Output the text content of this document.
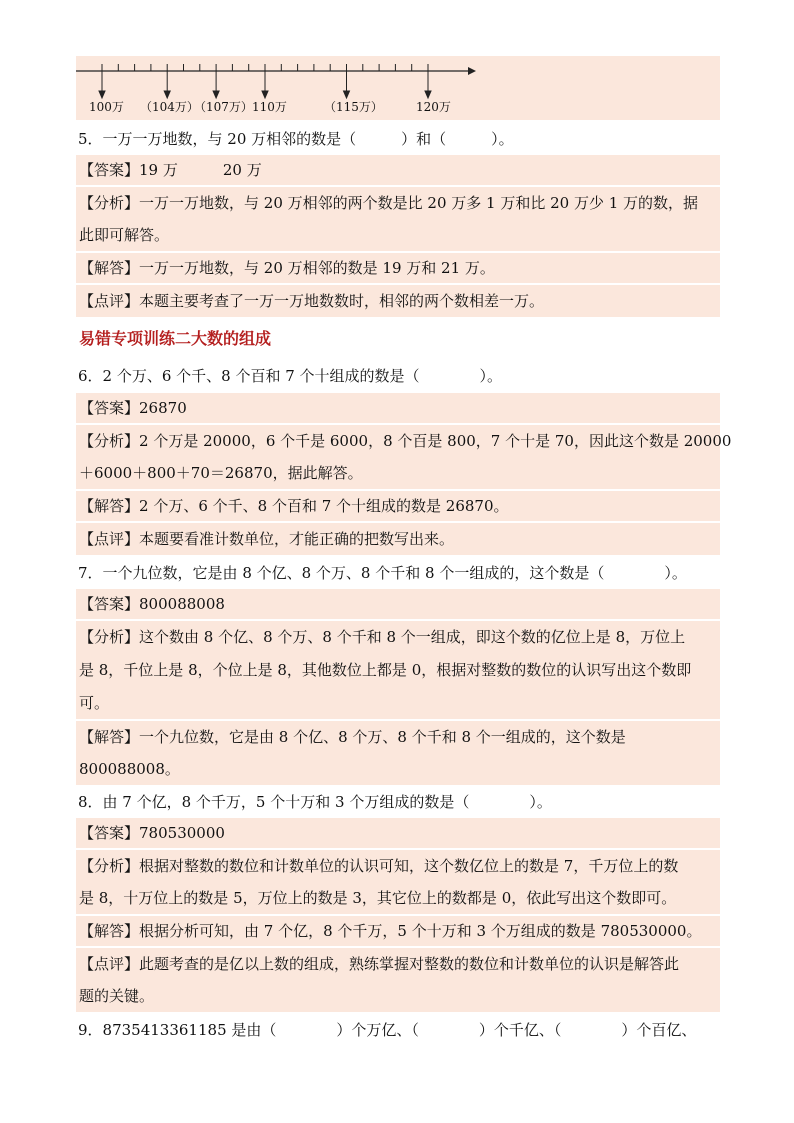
100万 （104万）
（107万） 110万	（115万）	120万
5．一万一万地数，与 20 万相邻的数是（　　　）和（　　　）。
【答案】19 万　　　20 万
【分析】一万一万地数，与 20 万相邻的两个数是比 20 万多 1 万和比 20 万少 1 万的数，据
此即可解答。
【解答】一万一万地数，与 20 万相邻的数是 19 万和 21 万。
【点评】本题主要考查了一万一万地数数时，相邻的两个数相差一万。
易错专项训练二大数的组成
6．2 个万、6 个千、8 个百和 7 个十组成的数是（　　　　）。
【答案】26870
【分析】2 个万是 20000，6 个千是 6000，8 个百是 800，7 个十是 70，因此这个数是 20000
＋6000＋800＋70＝26870，据此解答。
【解答】2 个万、6 个千、8 个百和 7 个十组成的数是 26870。
【点评】本题要看准计数单位，才能正确的把数写出来。
7．一个九位数，它是由 8 个亿、8 个万、8 个千和 8 个一组成的，这个数是（　　　　）。
【答案】800088008
【分析】这个数由 8 个亿、8 个万、8 个千和 8 个一组成，即这个数的亿位上是 8，万位上
是 8，千位上是 8，个位上是 8，其他数位上都是 0，根据对整数的数位的认识写出这个数即
可。
【解答】一个九位数，它是由 8 个亿、8 个万、8 个千和 8 个一组成的，这个数是
800088008。
8．由 7 个亿，8 个千万，5 个十万和 3 个万组成的数是（　　　　）。
【答案】780530000
【分析】根据对整数的数位和计数单位的认识可知，这个数亿位上的数是 7，千万位上的数
是 8，十万位上的数是 5，万位上的数是 3，其它位上的数都是 0，依此写出这个数即可。
【解答】根据分析可知，由 7 个亿，8 个千万，5 个十万和 3 个万组成的数是 780530000。
【点评】此题考查的是亿以上数的组成，熟练掌握对整数的数位和计数单位的认识是解答此
题的关键。
9．8735413361185 是由（　　　　）个万亿、（　　　　）个千亿、（　　　　）个百亿、
